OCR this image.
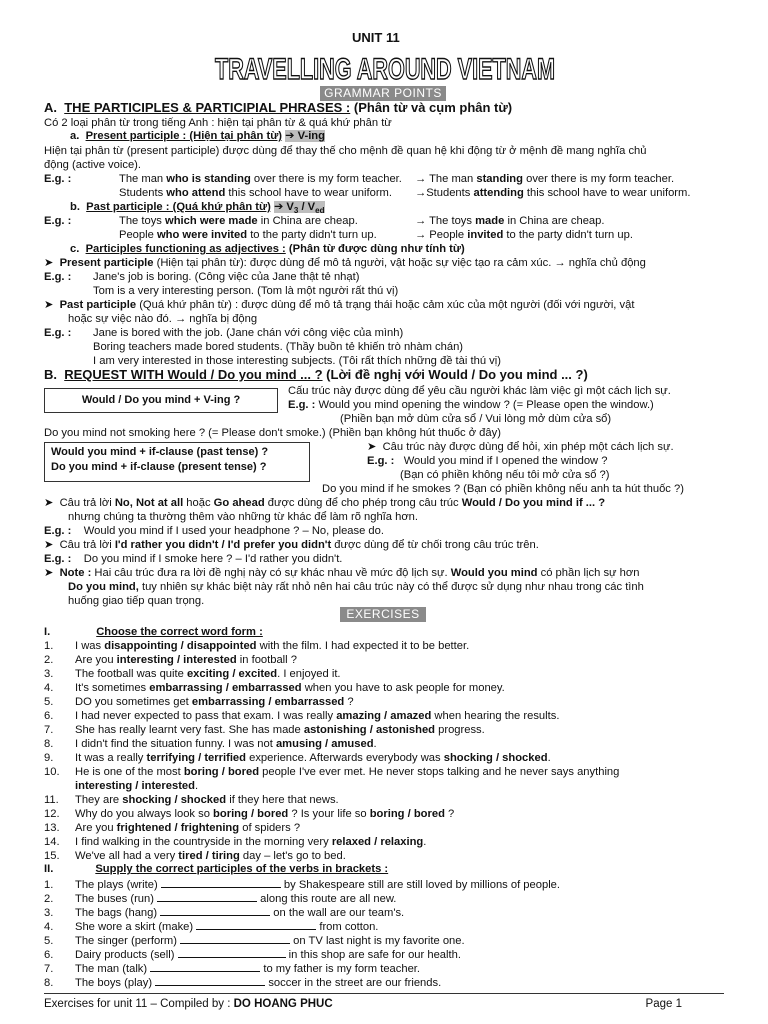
UNIT 11
TRAVELLING AROUND VIETNAM
GRAMMAR POINTS
A. THE PARTICIPLES & PARTICIPIAL PHRASES : (Phân từ và cụm phân từ)
Có 2 loại phân từ trong tiếng Anh : hiện tại phân từ & quá khứ phân từ
a. Present participle : (Hiện tại phân từ) ➔ V-ing
Hiện tại phân từ (present participle) được dùng để thay thế cho mệnh đề quan hệ khi động từ ở mệnh đề mang nghĩa chủ
động (active voice).
E.g. :	The man who is standing over there is my form teacher. → The man standing over there is my form teacher.
Students who attend this school have to wear uniform. →Students attending this school have to wear uniform.
b. Past participle : (Quá khứ phân từ) ➔ $V_3 / V_{ed}$
E.g. :	The toys which were made in China are cheap.	→ The toys made in China are cheap.
People who were invited to the party didn't turn up.	→ People invited to the party didn't turn up.
c. Participles functioning as adjectives : (Phân từ được dùng như tính từ)
➤  Present participle (Hiện tại phân từ): được dùng để mô tả người, vật hoặc sự việc tạo ra cảm xúc. → nghĩa chủ động
E.g. : Jane's job is boring. (Công việc của Jane thật tẻ nhạt)
Tom is a very interesting person. (Tom là một người rất thú vị)
➤  Past participle (Quá khứ phân từ) : được dùng để mô tả trạng thái hoặc cảm xúc của một người (đối với người, vật
hoặc sự việc nào đó. → nghĩa bị động
E.g. : Jane is bored with the job. (Jane chán với công việc của mình)
Boring teachers made bored students. (Thầy buồn tẻ khiến trò nhàm chán)
I am very interested in those interesting subjects. (Tôi rất thích những đề tài thú vị)
B. REQUEST WITH Would / Do you mind ... ? (Lời đề nghị với Would / Do you mind ... ?)
Would / Do you mind + V-ing ?
Cấu trúc này được dùng để yêu cầu người khác làm việc gì một cách lịch sự.
E.g. : Would you mind opening the window ? (= Please open the window.)
(Phiền bạn mở dùm cửa sổ / Vui lòng mở dùm cửa sổ)
Do you mind not smoking here ? (= Please don't smoke.) (Phiền bạn không hút thuốc ở đây)
Would you mind + if-clause (past tense) ?
Do you mind + if-clause (present tense) ?
➤  Câu trúc này được dùng để hỏi, xin phép một cách lịch sự.
E.g. : Would you mind if I opened the window ?
(Bạn có phiền không nếu tôi mở cửa sổ ?)
Do you mind if he smokes ? (Bạn có phiền không nếu anh ta hút thuốc ?)
➤  Câu trả lời No, Not at all hoặc Go ahead được dùng để cho phép trong câu trúc Would / Do you mind if ... ?
nhưng chúng ta thường thêm vào những từ khác để làm rõ nghĩa hơn.
E.g. : Would you mind if I used your headphone ? – No, please do.
➤  Câu trả lời I'd rather you didn't / I'd prefer you didn't được dùng để từ chối trong câu trúc trên.
E.g. : Do you mind if I smoke here ? – I'd rather you didn't.
➤  Note : Hai câu trúc đưa ra lời đề nghị này có sự khác nhau về mức độ lịch sự. Would you mind có phần lịch sự hơn
Do you mind, tuy nhiên sự khác biệt này rất nhỏ nên hai câu trúc này có thể được sử dụng như nhau trong các tình
huống giao tiếp quan trọng.
EXERCISES
I.	Choose the correct word form :
1. I was disappointing / disappointed with the film. I had expected it to be better.
2. Are you interesting / interested in football ?
3. The football was quite exciting / excited. I enjoyed it.
4. It's sometimes embarrassing / embarrassed when you have to ask people for money.
5. DO you sometimes get embarrassing / embarrassed ?
6. I had never expected to pass that exam. I was really amazing / amazed when hearing the results.
7. She has really learnt very fast. She has made astonishing / astonished progress.
8. I didn't find the situation funny. I was not amusing / amused.
9. It was a really terrifying / terrified experience. Afterwards everybody was shocking / shocked.
10. He is one of the most boring / bored people I've ever met. He never stops talking and he never says anything
interesting / interested.
11. They are shocking / shocked if they here that news.
12. Why do you always look so boring / bored ? Is your life so boring / bored ?
13. Are you frightened / frightening of spiders ?
14. I find walking in the countryside in the morning very relaxed / relaxing.
15. We've all had a very tired / tiring day – let's go to bed.
II.	Supply the correct participles of the verbs in brackets :
1. The plays (write)	by Shakespeare still are still loved by millions of people.
2. The buses (run)	along this route are all new.
3. The bags (hang)	on the wall are our team's.
4. She wore a skirt (make)	from cotton.
5. The singer (perform)	on TV last night is my favorite one.
6. Dairy products (sell)	in this shop are safe for our health.
7. The man (talk)	to my father is my form teacher.
8. The boys (play)	soccer in the street are our friends.
Exercises for unit 11 – Compiled by : DO HOANG PHUC	Page 1
